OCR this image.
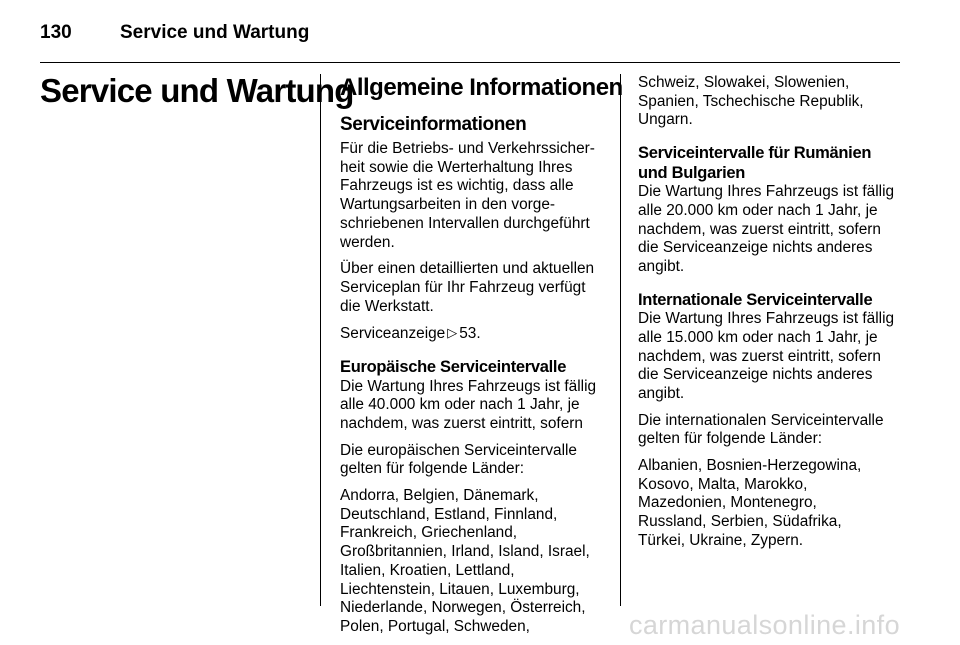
130	Service und Wartung
Service und Wartung
Allgemeine Informationen
Serviceinformationen
Für die Betriebs- und Verkehrssicher-
heit sowie die Werterhaltung Ihres
Fahrzeugs ist es wichtig, dass alle
Wartungsarbeiten in den vorge-
schriebenen Intervallen durchgeführt
werden.
Über einen detaillierten und aktuellen
Serviceplan für Ihr Fahrzeug verfügt
die Werkstatt.
Serviceanzeige ▷ 53.
Europäische Serviceintervalle
Die Wartung Ihres Fahrzeugs ist fällig
alle 40.000 km oder nach 1 Jahr, je
nachdem, was zuerst eintritt, sofern
Die europäischen Serviceintervalle
gelten für folgende Länder:
Andorra, Belgien, Dänemark,
Deutschland, Estland, Finnland,
Frankreich, Griechenland,
Großbritannien, Irland, Island, Israel,
Italien, Kroatien, Lettland,
Liechtenstein, Litauen, Luxemburg,
Niederlande, Norwegen, Österreich,
Polen, Portugal, Schweden,
Schweiz, Slowakei, Slowenien,
Spanien, Tschechische Republik,
Ungarn.
Serviceintervalle für Rumänien
und Bulgarien
Die Wartung Ihres Fahrzeugs ist fällig
alle 20.000 km oder nach 1 Jahr, je
nachdem, was zuerst eintritt, sofern
die Serviceanzeige nichts anderes
angibt.
Internationale Serviceintervalle
Die Wartung Ihres Fahrzeugs ist fällig
alle 15.000 km oder nach 1 Jahr, je
nachdem, was zuerst eintritt, sofern
die Serviceanzeige nichts anderes
angibt.
Die internationalen Serviceintervalle
gelten für folgende Länder:
Albanien, Bosnien-Herzegowina,
Kosovo, Malta, Marokko,
Mazedonien, Montenegro,
Russland, Serbien, Südafrika,
Türkei, Ukraine, Zypern.
carmanualsonline.info
